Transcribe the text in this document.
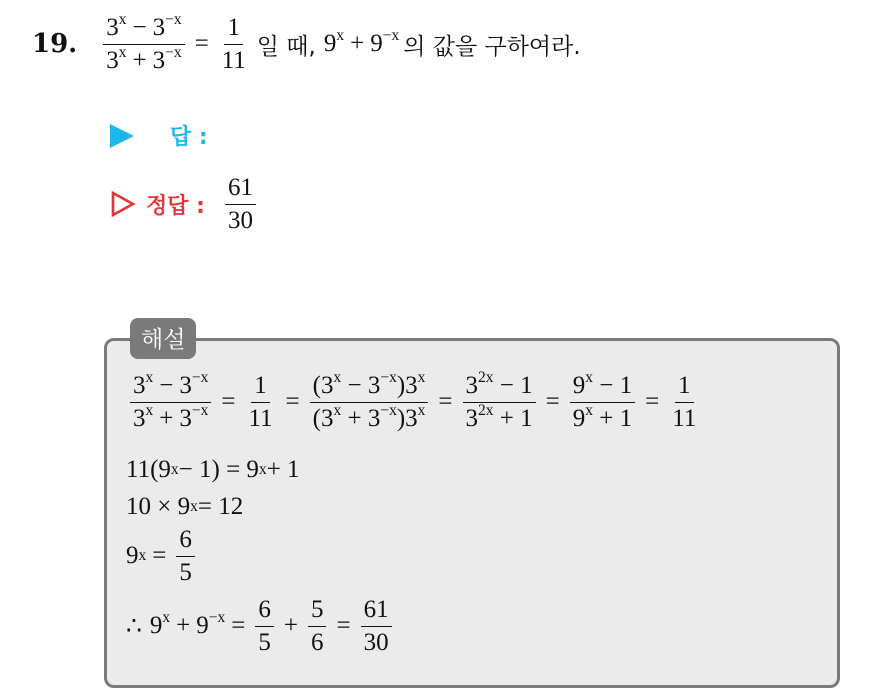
19. $\frac{3^x - 3^{-x}}{3^x + 3^{-x}} = \frac{1}{11}$ 일 때, $9^x + 9^{-x}$ 의 값을 구하여라.
답 :
정답 : $\frac{61}{30}$
해설
$\frac{3^x - 3^{-x}}{3^x + 3^{-x}} = \frac{1}{11} = \frac{(3^x - 3^{-x})3^x}{(3^x + 3^{-x})3^x} = \frac{3^{2x} - 1}{3^{2x} + 1} = \frac{9^x - 1}{9^x + 1} = \frac{1}{11}$
11(9 x − 1) = 9 x + 1
10 × 9 x = 12
9 $x = \frac{6}{5}$
∴ $9^x + 9^{-x} = \frac{6}{5} + \frac{5}{6} = \frac{61}{30}$
